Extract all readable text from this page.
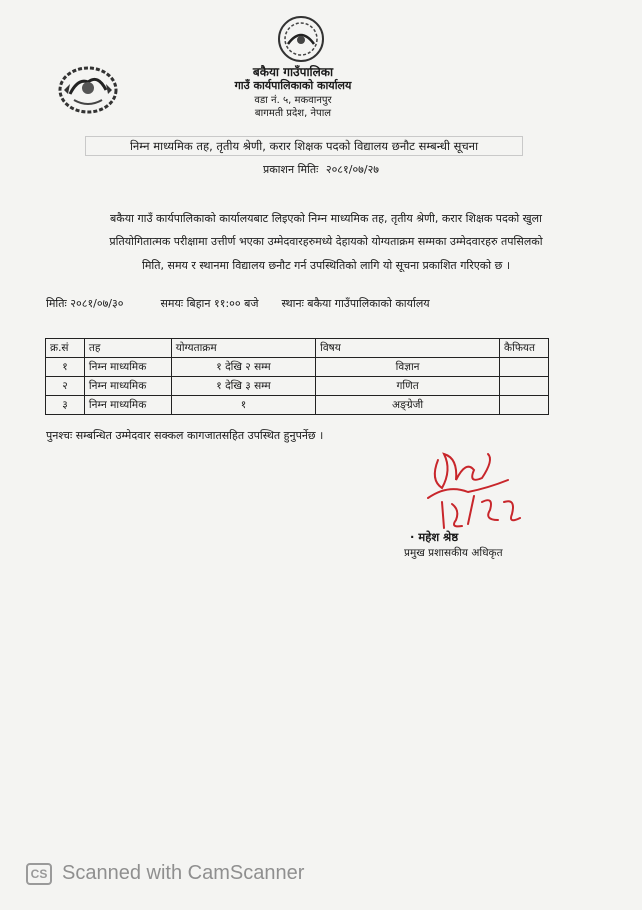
बकैया गाउँपालिका
गाउँ कार्यपालिकाको कार्यालय
वडा नं. ५, मकवानपुर
बागमती प्रदेश, नेपाल
निम्न माध्यमिक तह, तृतीय श्रेणी, करार शिक्षक पदको विद्यालय छनौट सम्बन्धी सूचना
प्रकाशन मितिः २०८१/०७/२७
बकैया गाउँ कार्यपालिकाको कार्यालयबाट लिइएको निम्न माध्यमिक तह, तृतीय श्रेणी, करार शिक्षक पदको खुला
प्रतियोगितात्मक परीक्षामा उत्तीर्ण भएका उम्मेदवारहरुमध्ये देहायको योग्यताक्रम सम्मका उम्मेदवारहरु तपसिलको
मिति, समय र स्थानमा विद्यालय छनौट गर्न उपस्थितिको लागि यो सूचना प्रकाशित गरिएको छ ।
मितिः २०८१/०७/३०	समयः बिहान ११:०० बजे स्थानः बकैया गाउँपालिकाको कार्यालय
क्र.सं	तह	योग्यताक्रम	विषय	कैफियत
१	निम्न माध्यमिक	१ देखि २ सम्म	विज्ञान	
२	निम्न माध्यमिक	१ देखि ३ सम्म	गणित	
३	निम्न माध्यमिक	१	अङ्ग्रेजी	
पुनश्चः सम्बन्धित उम्मेदवार सक्कल कागजातसहित उपस्थित हुनुपर्नेछ ।
· महेश श्रेष्ठ
प्रमुख प्रशासकीय अधिकृत
CS Scanned with CamScanner
